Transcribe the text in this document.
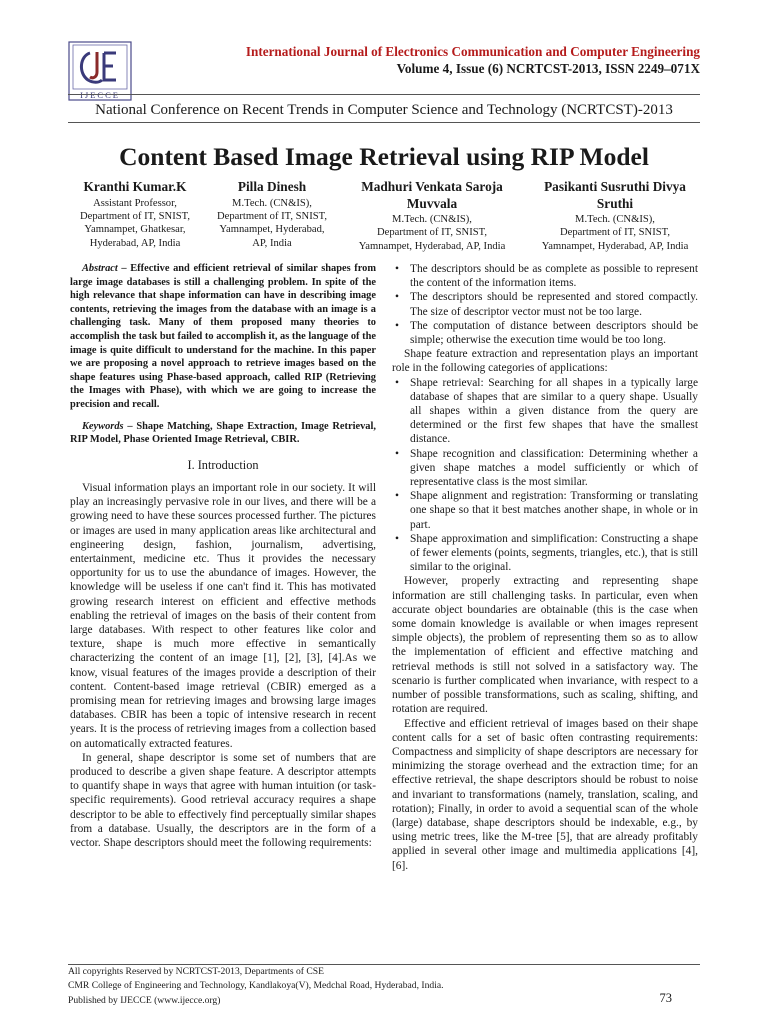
IJECCE
International Journal of Electronics Communication and Computer Engineering
Volume 4, Issue (6) NCRTCST-2013, ISSN 2249–071X
National Conference on Recent Trends in Computer Science and Technology (NCRTCST)-2013
Content Based Image Retrieval using RIP Model
Kranthi Kumar.K
Assistant Professor,
Department of IT, SNIST,
Yamnampet, Ghatkesar,
Hyderabad, AP, India
Pilla Dinesh
M.Tech. (CN&IS),
Department of IT, SNIST,
Yamnampet, Hyderabad,
AP, India
Madhuri Venkata Saroja Muvvala
M.Tech. (CN&IS),
Department of IT, SNIST,
Yamnampet, Hyderabad, AP, India
Pasikanti Susruthi Divya Sruthi
M.Tech. (CN&IS),
Department of IT, SNIST,
Yamnampet, Hyderabad, AP, India

Abstract – Effective and efficient retrieval of similar shapes from large image databases is still a challenging problem. In spite of the high relevance that shape information can have in describing image contents, retrieving the images from the database with an image is a challenging task. Many of them proposed many theories to accomplish the task but failed to accomplish it, as the language of the image is quite difficult to understand for the machine. In this paper we are proposing a novel approach to retrieve images based on the shape features using Phase-based approach, called RIP (Retrieving the Images with Phase), with which we are going to increase the precision and recall.

Keywords – Shape Matching, Shape Extraction, Image Retrieval, RIP Model, Phase Oriented Image Retrieval, CBIR.

I. Introduction

Visual information plays an important role in our society. It will play an increasingly pervasive role in our lives, and there will be a growing need to have these sources processed further. The pictures or images are used in many application areas like architectural and engineering design, fashion, journalism, advertising, entertainment, medicine etc. Thus it provides the necessary opportunity for us to use the abundance of images. However, the knowledge will be useless if one can't find it. This has motivated growing research interest on efficient and effective methods enabling the retrieval of images on the basis of their content from large databases. With respect to other features like color and texture, shape is much more effective in semantically characterizing the content of an image [1], [2], [3], [4].As we know, visual features of the images provide a description of their content. Content-based image retrieval (CBIR) emerged as a promising mean for retrieving images and browsing large images databases. CBIR has been a topic of intensive research in recent years. It is the process of retrieving images from a collection based on automatically extracted features.

In general, shape descriptor is some set of numbers that are produced to describe a given shape feature. A descriptor attempts to quantify shape in ways that agree with human intuition (or task-specific requirements). Good retrieval accuracy requires a shape descriptor to be able to effectively find perceptually similar shapes from a database. Usually, the descriptors are in the form of a vector. Shape descriptors should meet the following requirements:

• The descriptors should be as complete as possible to represent the content of the information items.
• The descriptors should be represented and stored compactly. The size of descriptor vector must not be too large.
• The computation of distance between descriptors should be simple; otherwise the execution time would be too long.

Shape feature extraction and representation plays an important role in the following categories of applications:

• Shape retrieval: Searching for all shapes in a typically large database of shapes that are similar to a query shape. Usually all shapes within a given distance from the query are determined or the first few shapes that have the smallest distance.
• Shape recognition and classification: Determining whether a given shape matches a model sufficiently or which of representative class is the most similar.
• Shape alignment and registration: Transforming or translating one shape so that it best matches another shape, in whole or in part.
• Shape approximation and simplification: Constructing a shape of fewer elements (points, segments, triangles, etc.), that is still similar to the original.

However, properly extracting and representing shape information are still challenging tasks. In particular, even when accurate object boundaries are obtainable (this is the case when some domain knowledge is available or when images represent simple objects), the problem of representing them so as to allow the implementation of efficient and effective matching and retrieval methods is still not solved in a satisfactory way. The scenario is further complicated when invariance, with respect to a number of possible transformations, such as scaling, shifting, and rotation are required.

Effective and efficient retrieval of images based on their shape content calls for a set of basic often contrasting requirements: Compactness and simplicity of shape descriptors are necessary for minimizing the storage overhead and the extraction time; for an effective retrieval, the shape descriptors should be robust to noise and invariant to transformations (namely, translation, scaling, and rotation); Finally, in order to avoid a sequential scan of the whole (large) database, shape descriptors should be indexable, e.g., by using metric trees, like the M-tree [5], that are already profitably applied in several other image and multimedia applications [4], [6].

All copyrights Reserved by NCRTCST-2013, Departments of CSE
CMR College of Engineering and Technology, Kandlakoya(V), Medchal Road, Hyderabad, India.
Published by IJECCE (www.ijecce.org)	73
